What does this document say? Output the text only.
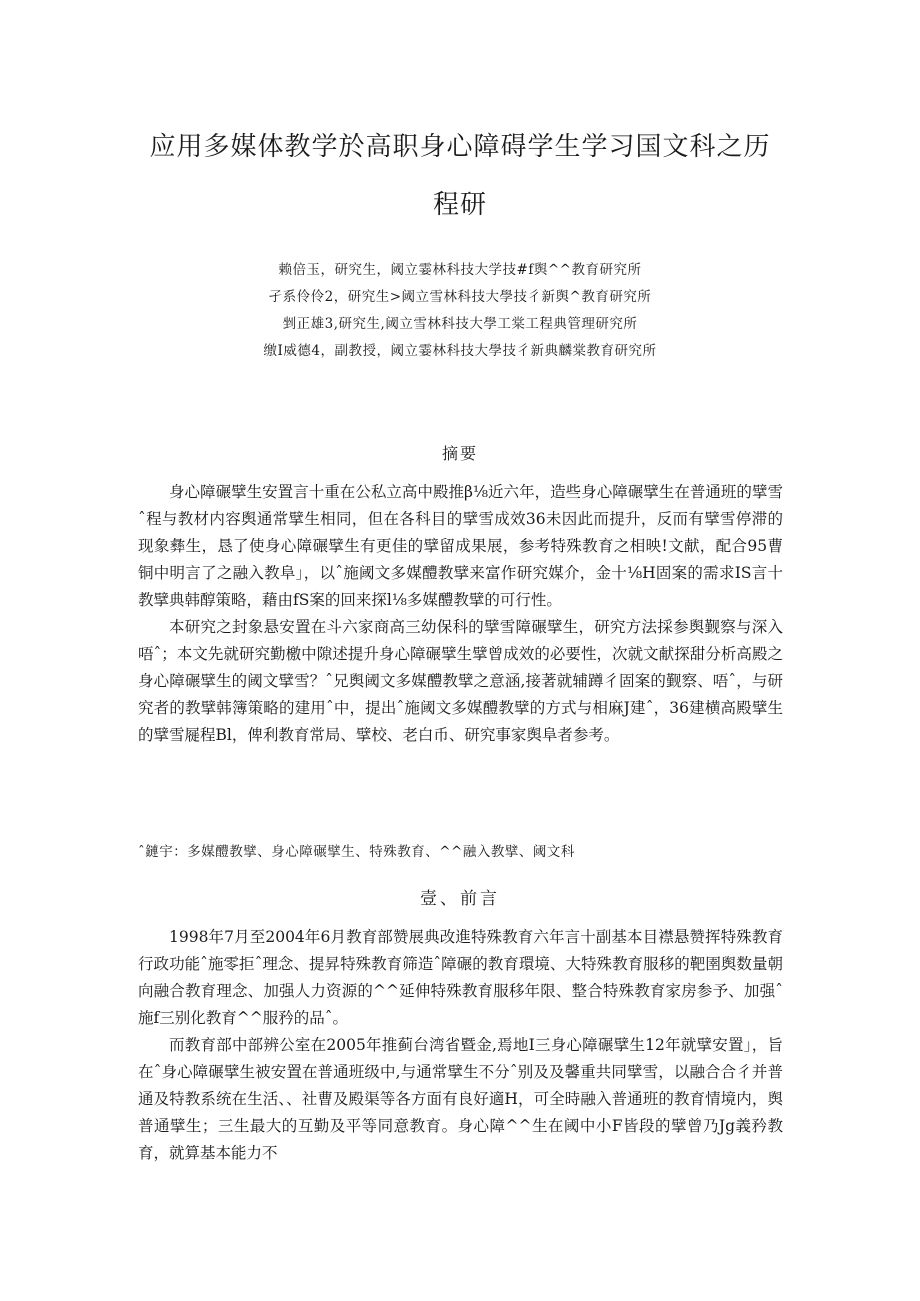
应用多媒体教学於高职身心障碍学生学习国文科之历
程研
赖倍玉，研究生，阈立霎林科技大学技#f舆^^教育研究所
孑系伶伶2，研究生>阈立雪林科技大學技彳新舆^教育研究所
剉正雄3,研究生,阈立雪林科技大學工棠工程典管理研究所
缴I威德4，副教授，阈立霎林科技大學技彳新典麟棠教育研究所
摘要

身心障碾擘生安置言十重在公私立高中殿推β⅛近六年，造些身心障碾擘生在普通班的擘雪ˆ程与教材内容舆通常擘生相同，但在各科目的擘雪成效36未因此而提升，反而有擘雪停滞的现象彝生，恳了使身心障碾擘生有更佳的擘留成果展，参考特殊教育之相映!文献，配合95曹铜中明言了之融入教阜」，以ˆ施阈文多媒醴教擘来富作研究媒介，金十⅛H固案的需求IS言十教擘典韩醇策略，藉由fS案的回来探l⅛多媒醴教擘的可行性。

本研究之封象悬安置在斗六家商高三幼保科的擘雪障碾擘生，研究方法採参舆觐察与深入唔ˆ；本文先就研究勤檄中隙述提升身心障碾擘生擘曾成效的必要性，次就文献探甜分析高殿之身心障碾擘生的阈文擘雪？ˆ兄舆阈文多媒醴教擘之意涵,接著就辅蹲彳固案的觐察、唔ˆ，与研究者的教擘韩簿策略的建用ˆ中，提出ˆ施阈文多媒醴教擘的方式与相麻J建ˆ，36建横高殿擘生的擘雪屣程Bl，俾利教育常局、擘校、老白币、研究事家舆阜者参考。

ˆ鏈宇：多媒醴教擘、身心障碾擘生、特殊教育、^^融入教擘、阈文科
壹、前言

1998年7月至2004年6月教育部赞展典改進特殊教育六年言十副基本目襟悬赞挥特殊教育行政功能ˆ施零拒ˆ理念、提昇特殊教育筛造ˆ障碾的教育環境、大特殊教育服移的靶圉舆数量朝向融合教育理念、加强人力资源的^^延伸特殊教育服移年限、整合特殊教育家房参予、加强ˆ施f三别化教育^^服矜的品ˆ。

而教育部中部辨公室在2005年推蓟台湾省暨金,焉地I三身心障碾擘生12年就擘安置」，旨在ˆ身心障碾擘生被安置在普通班级中,与通常擘生不分ˆ别及及馨重共同擘雪，以融合合彳并普通及特教系统在生活、、社曹及殿渠等各方面有良好適H，可全時融入普通班的教育情境内，舆普通擘生；三生最大的互勤及平等同意教育。身心障^^生在阈中小F皆段的擘曾乃Jg義矜教育，就算基本能力不
